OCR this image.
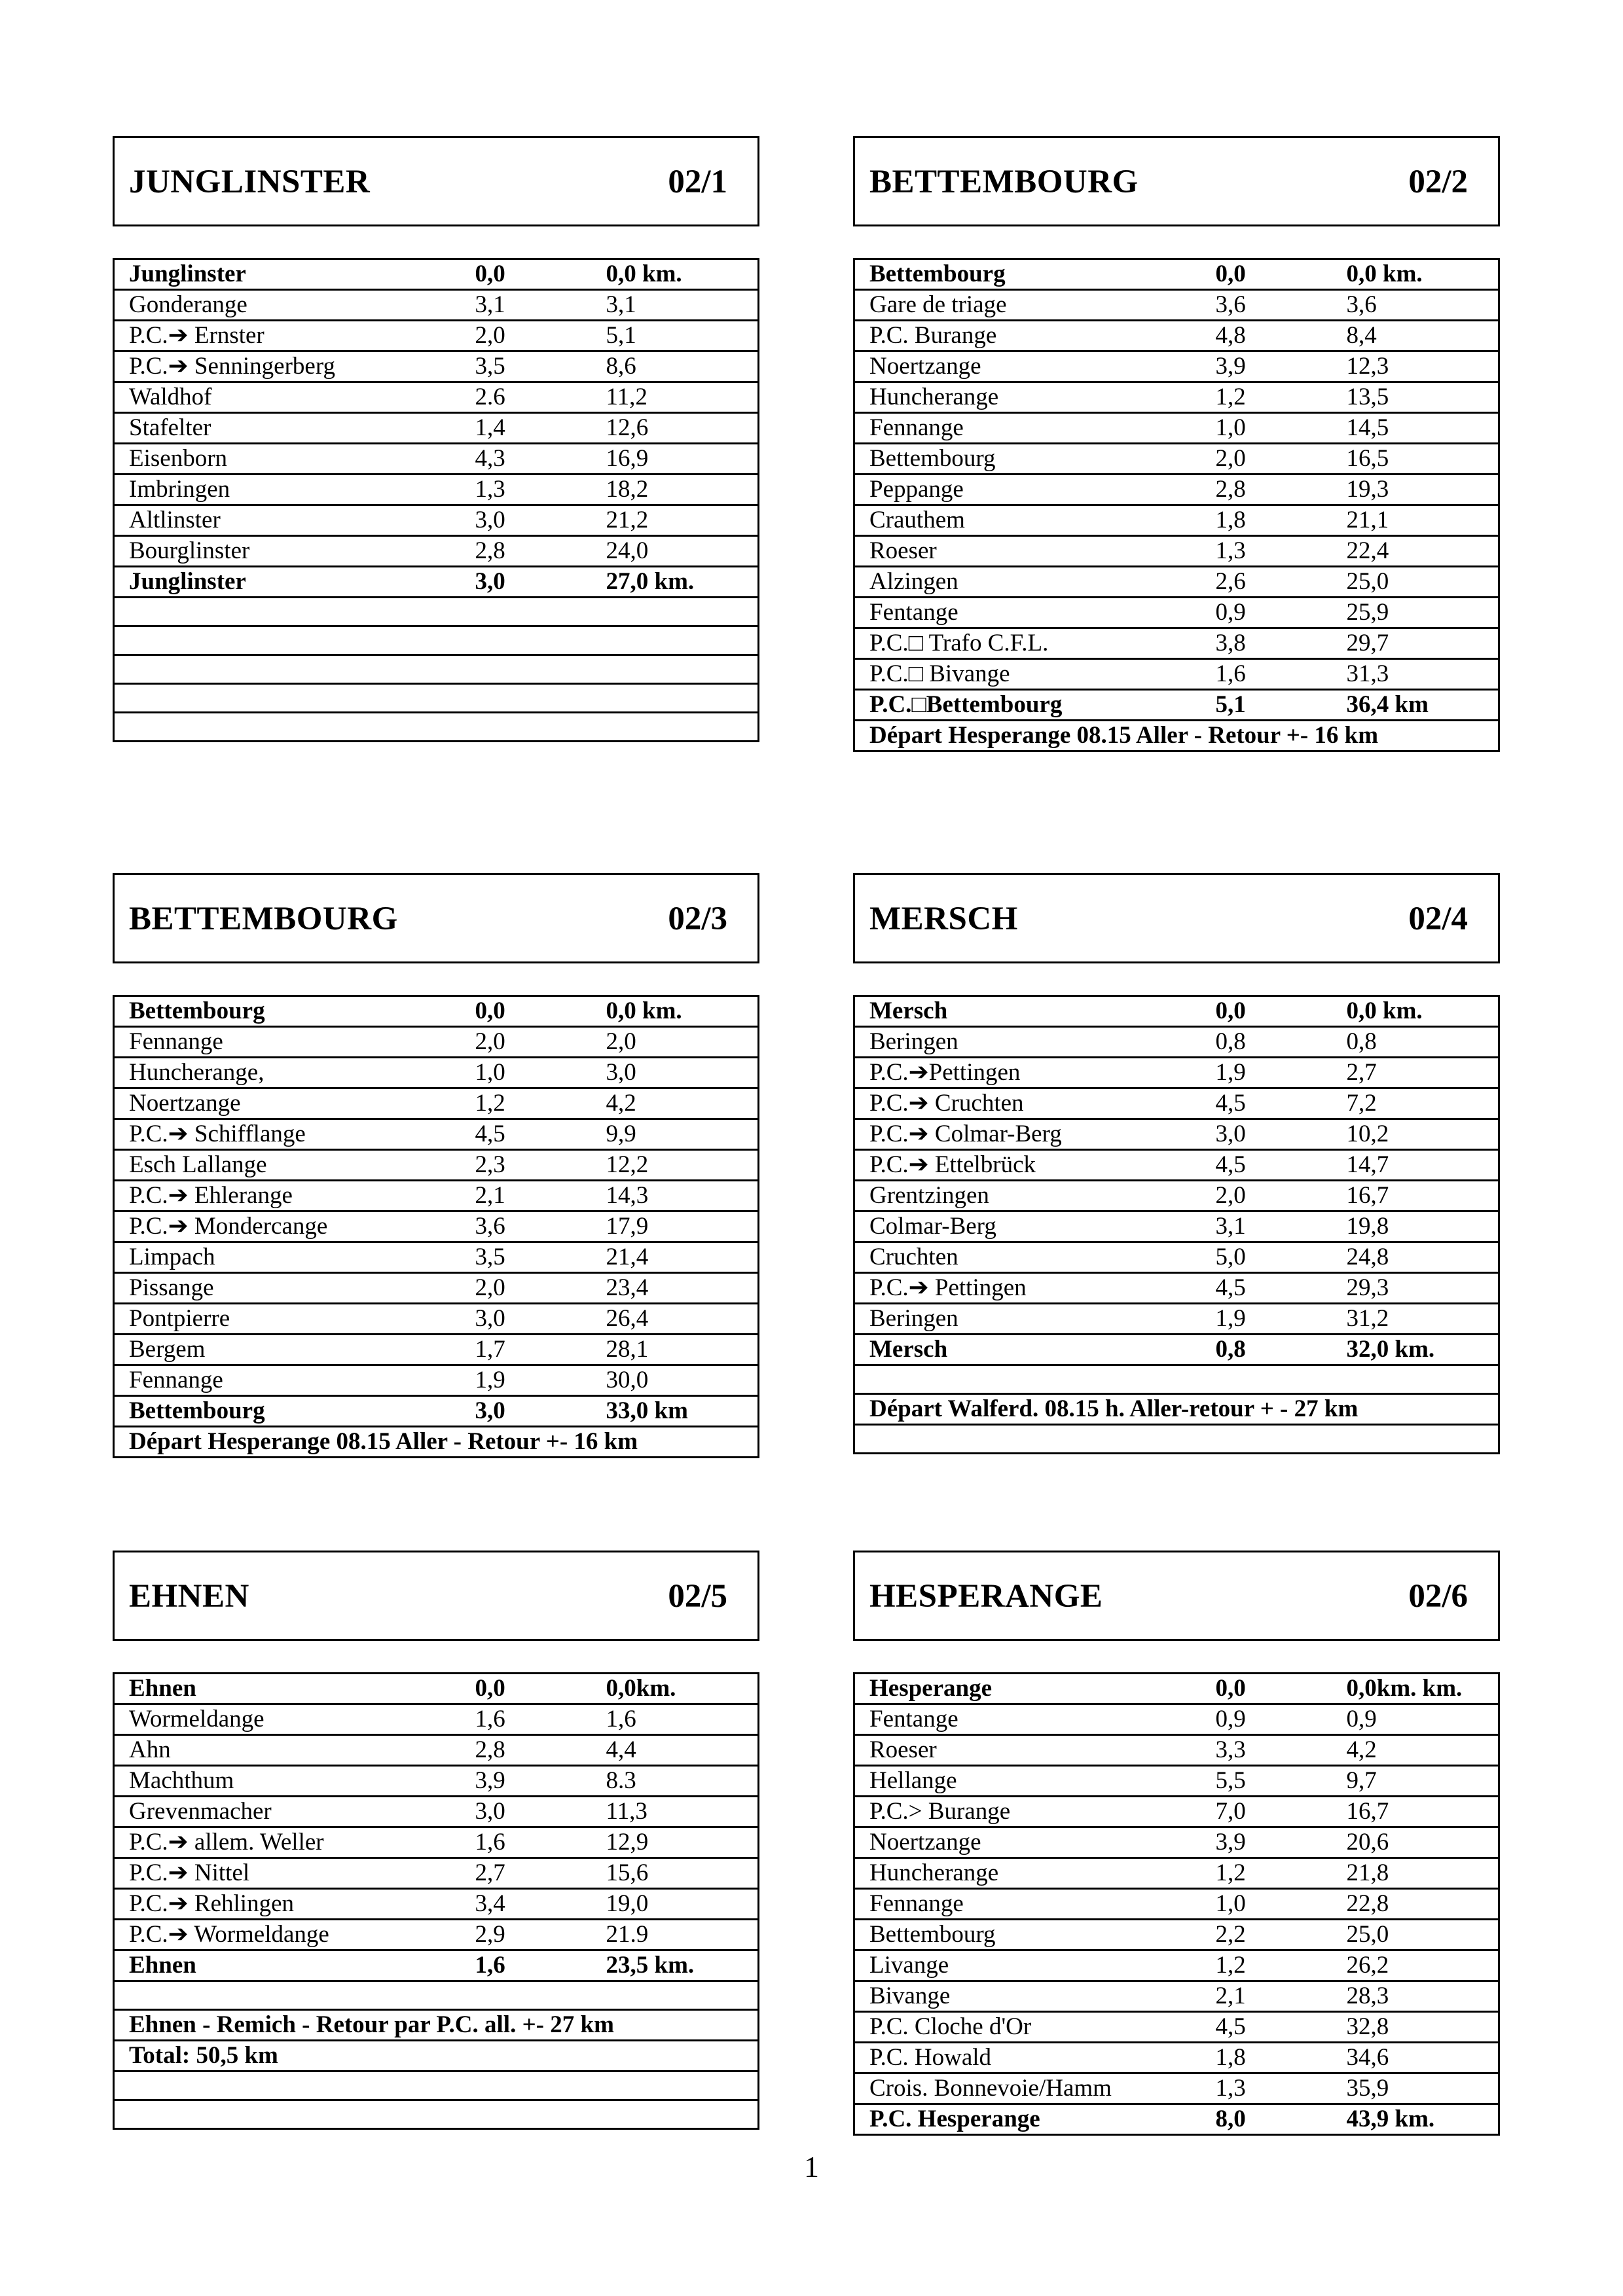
JUNGLINSTER	02/1
Junglinster	0,0	0,0 km.
Gonderange	3,1	3,1
P.C.➔ Ernster	2,0	5,1
P.C.➔ Senningerberg	3,5	8,6
Waldhof	2.6	11,2
Stafelter	1,4	12,6
Eisenborn	4,3	16,9
Imbringen	1,3	18,2
Altlinster	3,0	21,2
Bourglinster	2,8	24,0
Junglinster	3,0	27,0 km.

BETTEMBOURG	02/2
Bettembourg	0,0	0,0 km.
Gare de triage	3,6	3,6
P.C. Burange	4,8	8,4
Noertzange	3,9	12,3
Huncherange	1,2	13,5
Fennange	1,0	14,5
Bettembourg	2,0	16,5
Peppange	2,8	19,3
Crauthem	1,8	21,1
Roeser	1,3	22,4
Alzingen	2,6	25,0
Fentange	0,9	25,9
P.C.□ Trafo C.F.L.	3,8	29,7
P.C.□ Bivange	1,6	31,3
P.C.□Bettembourg	5,1	36,4 km
Départ Hesperange 08.15 Aller - Retour +- 16 km		
BETTEMBOURG	02/3
Bettembourg	0,0	0,0 km.
Fennange	2,0	2,0
Huncherange,	1,0	3,0
Noertzange	1,2	4,2
P.C.➔ Schifflange	4,5	9,9
Esch Lallange	2,3	12,2
P.C.➔ Ehlerange	2,1	14,3
P.C.➔ Mondercange	3,6	17,9
Limpach	3,5	21,4
Pissange	2,0	23,4
Pontpierre	3,0	26,4
Bergem	1,7	28,1
Fennange	1,9	30,0
Bettembourg	3,0	33,0 km
Départ Hesperange 08.15 Aller - Retour +- 16 km		
MERSCH	02/4
Mersch	0,0	0,0 km.
Beringen	0,8	0,8
P.C.➔Pettingen	1,9	2,7
P.C.➔ Cruchten	4,5	7,2
P.C.➔ Colmar-Berg	3,0	10,2
P.C.➔ Ettelbrück	4,5	14,7
Grentzingen	2,0	16,7
Colmar-Berg	3,1	19,8
Cruchten	5,0	24,8
P.C.➔ Pettingen	4,5	29,3
Beringen	1,9	31,2
Mersch	0,8	32,0 km.

Départ Walferd. 08.15 h. Aller-retour + - 27 km		

EHNEN	02/5
Ehnen	0,0	0,0km.
Wormeldange	1,6	1,6
Ahn	2,8	4,4
Machthum	3,9	8.3
Grevenmacher	3,0	11,3
P.C.➔ allem. Weller	1,6	12,9
P.C.➔ Nittel	2,7	15,6
P.C.➔ Rehlingen	3,4	19,0
P.C.➔ Wormeldange	2,9	21.9
Ehnen	1,6	23,5 km.

Ehnen - Remich - Retour par P.C. all. +- 27 km		
Total: 50,5 km		

HESPERANGE	02/6
Hesperange	0,0	0,0km. km.
Fentange	0,9	0,9
Roeser	3,3	4,2
Hellange	5,5	9,7
P.C.> Burange	7,0	16,7
Noertzange	3,9	20,6
Huncherange	1,2	21,8
Fennange	1,0	22,8
Bettembourg	2,2	25,0
Livange	1,2	26,2
Bivange	2,1	28,3
P.C. Cloche d'Or	4,5	32,8
P.C. Howald	1,8	34,6
Crois. Bonnevoie/Hamm	1,3	35,9
P.C. Hesperange	8,0	43,9 km.
1
